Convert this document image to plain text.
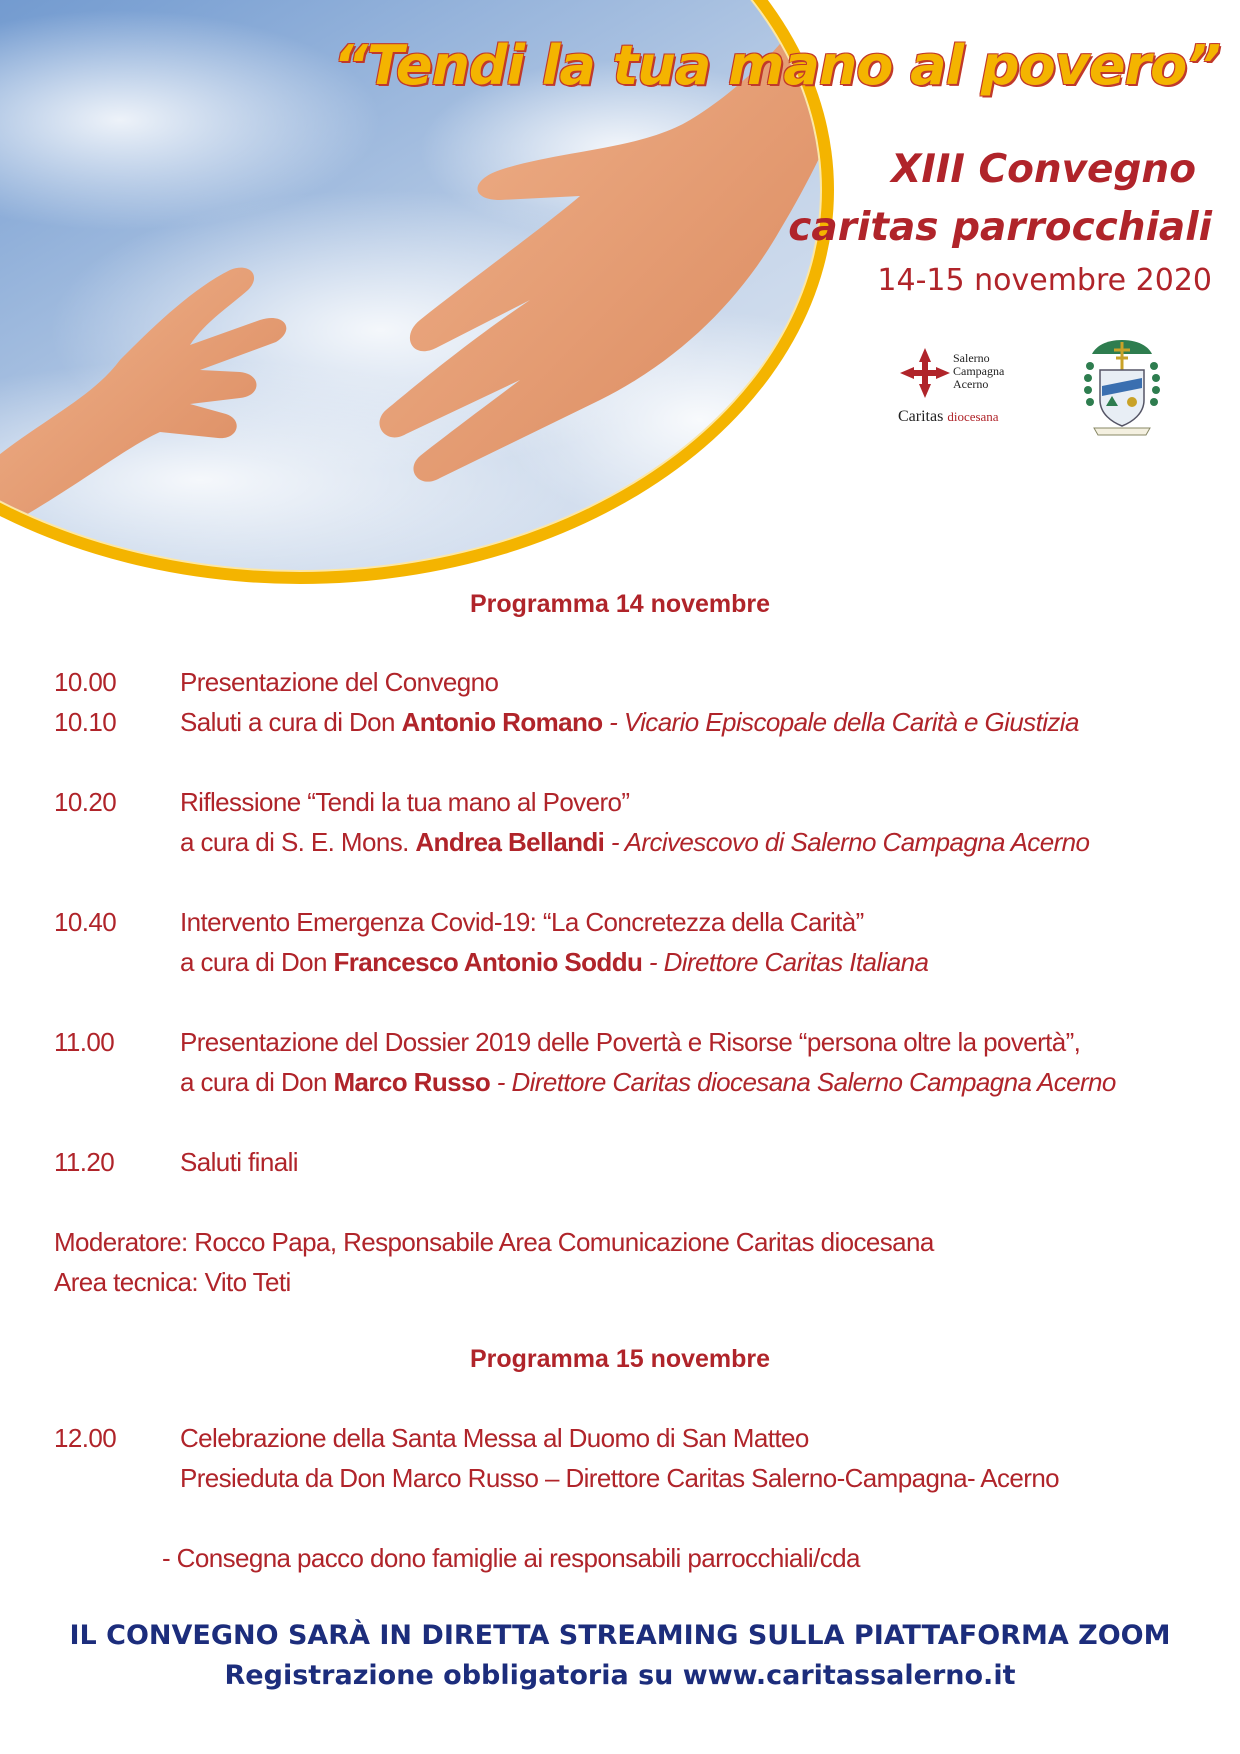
“Tendi la tua mano al povero”
XIII Convegno
caritas parrocchiali
14-15 novembre 2020
Salerno
Campagna
Acerno
Caritas diocesana
Programma 14 novembre
10.00	Presentazione del Convegno
10.10	Saluti a cura di Don Antonio Romano - Vicario Episcopale della Carità e Giustizia
10.20	Riflessione “Tendi la tua mano al Povero”
a cura di S. E. Mons. Andrea Bellandi - Arcivescovo di Salerno Campagna Acerno
10.40	Intervento Emergenza Covid-19: “La Concretezza della Carità”
a cura di Don Francesco Antonio Soddu - Direttore Caritas Italiana
11.00	Presentazione del Dossier 2019 delle Povertà e Risorse “persona oltre la povertà”,
a cura di Don Marco Russo - Direttore Caritas diocesana Salerno Campagna Acerno
11.20	Saluti finali
Moderatore: Rocco Papa, Responsabile Area Comunicazione Caritas diocesana
Area tecnica: Vito Teti
Programma 15 novembre
12.00	Celebrazione della Santa Messa al Duomo di San Matteo
Presieduta da Don Marco Russo – Direttore Caritas Salerno-Campagna- Acerno
- Consegna pacco dono famiglie ai responsabili parrocchiali/cda
IL CONVEGNO SARÀ IN DIRETTA STREAMING SULLA PIATTAFORMA ZOOM
Registrazione obbligatoria su www.caritassalerno.it
